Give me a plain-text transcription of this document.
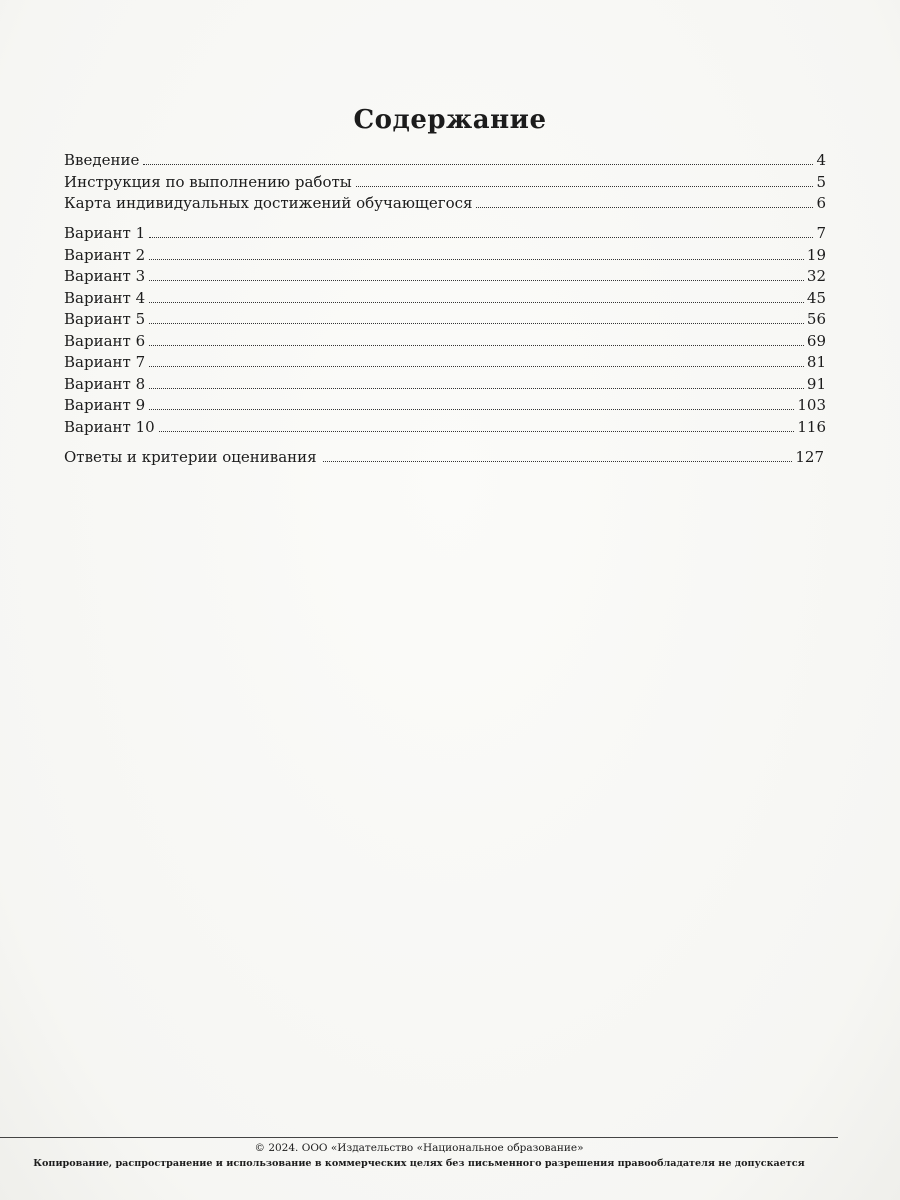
Содержание
Введение	4
Инструкция по выполнению работы	5
Карта индивидуальных достижений обучающегося	6
Вариант 1	7
Вариант 2	19
Вариант 3	32
Вариант 4	45
Вариант 5	56
Вариант 6	69
Вариант 7	81
Вариант 8	91
Вариант 9	103
Вариант 10	116
Ответы и критерии оценивания	127
© 2024. ООО «Издательство «Национальное образование»
Копирование, распространение и использование в коммерческих целях без письменного разрешения правообладателя не допускается
